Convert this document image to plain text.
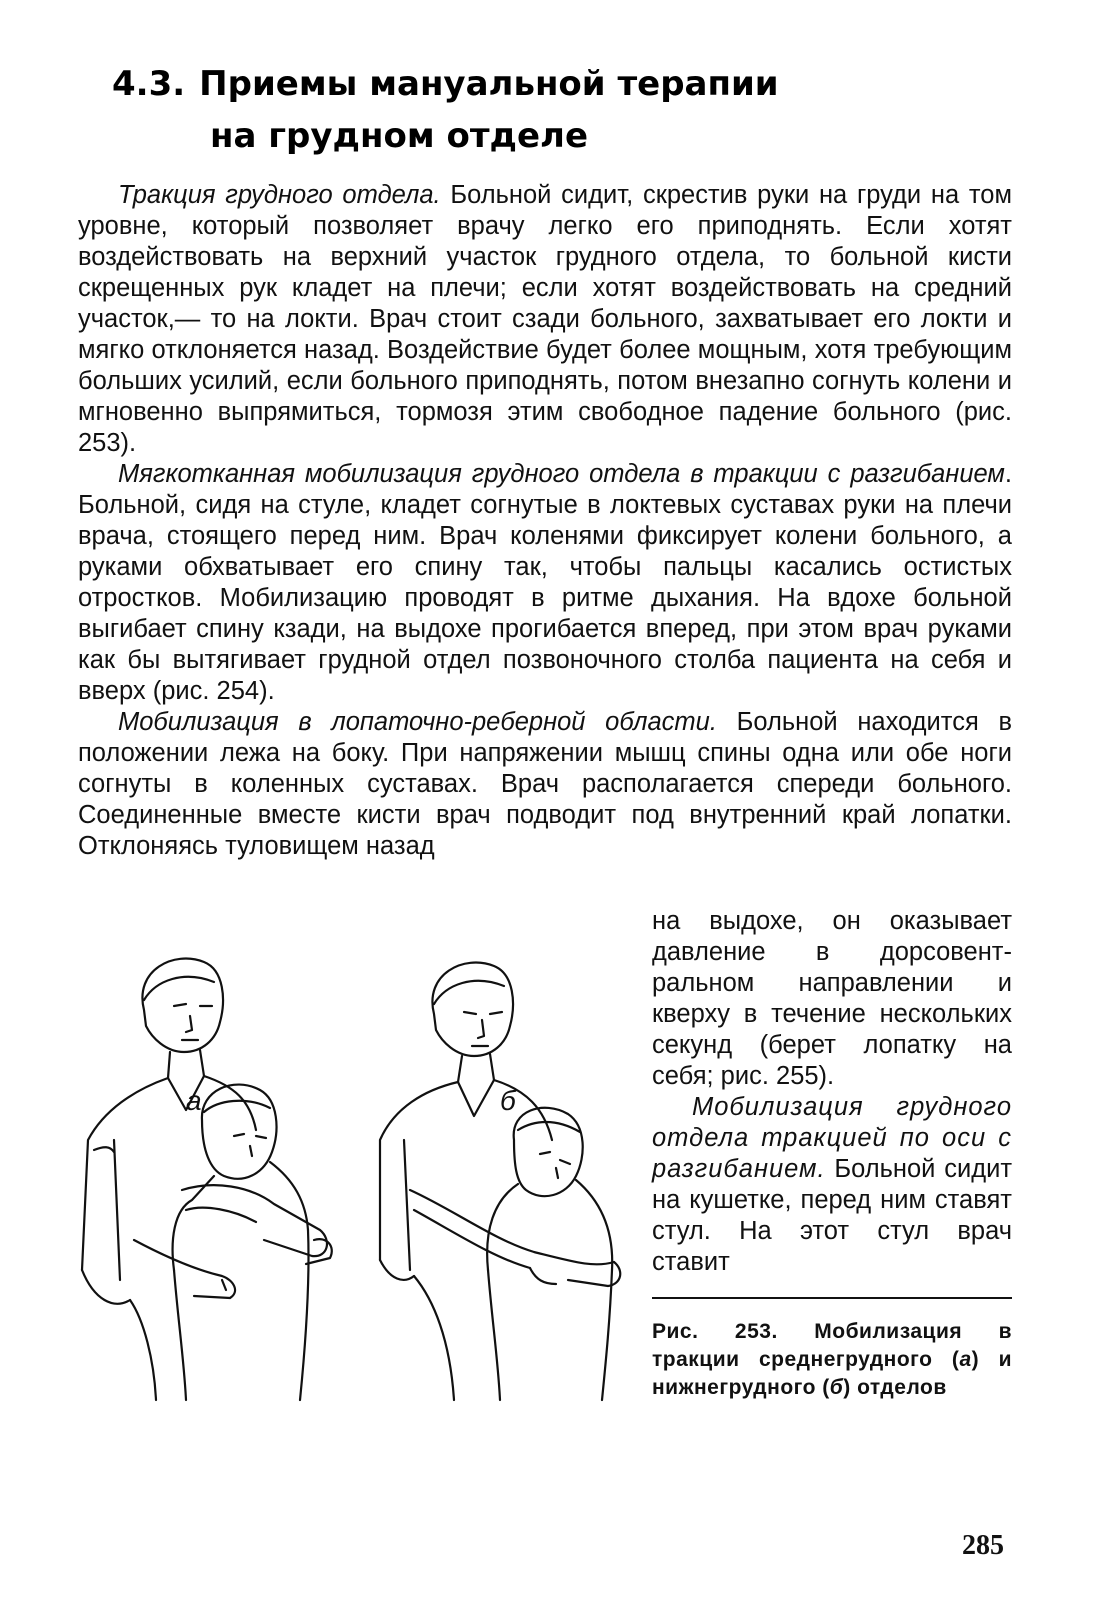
4.3. Приемы мануальной терапии
на грудном отделе

Тракция грудного отдела. Больной сидит, скрестив руки на груди на том уровне, который позволяет врачу легко его приподнять. Если хотят воздействовать на верхний участок грудного отдела, то больной кисти скрещенных рук кладет на плечи; если хотят воздействовать на средний участок,— то на локти. Врач стоит сзади больного, захватывает его локти и мягко отклоняется назад. Воздействие будет более мощным, хотя требующим больших усилий, если больного приподнять, потом внезапно согнуть колени и мгновенно выпрямиться, тормозя этим свободное падение больного (рис. 253).

Мягкотканная мобилизация грудного отдела в тракции с разгибанием. Больной, сидя на стуле, кладет согнутые в локтевых суставах руки на плечи врача, стоящего перед ним. Врач коленями фиксирует колени больного, а руками обхватывает его спину так, чтобы пальцы касались остистых отростков. Мобилизацию проводят в ритме дыхания. На вдохе больной выгибает спину кзади, на выдохе прогибается вперед, при этом врач руками как бы вытягивает грудной отдел позвоночного столба пациента на себя и вверх (рис. 254).

Мобилизация в лопаточно-реберной области. Больной находится в положении лежа на боку. При напряжении мышц спины одна или обе ноги согнуты в коленных суставах. Врач располагается спереди больного. Соединенные вместе кисти врач подводит под внутренний край лопатки. Отклоняясь туловищем назад

на выдохе, он оказывает давление в дорсовентральном направлении и кверху в течение нескольких секунд (берет лопатку на себя; рис. 255).

Мобилизация грудного отдела тракцией по оси с разгибанием. Больной сидит на кушетке, перед ним ставят стул. На этот стул врач ставит

а	б
Рис. 253. Мобилизация в тракции среднегрудного (а) и нижнегрудного (б) отделов
285
